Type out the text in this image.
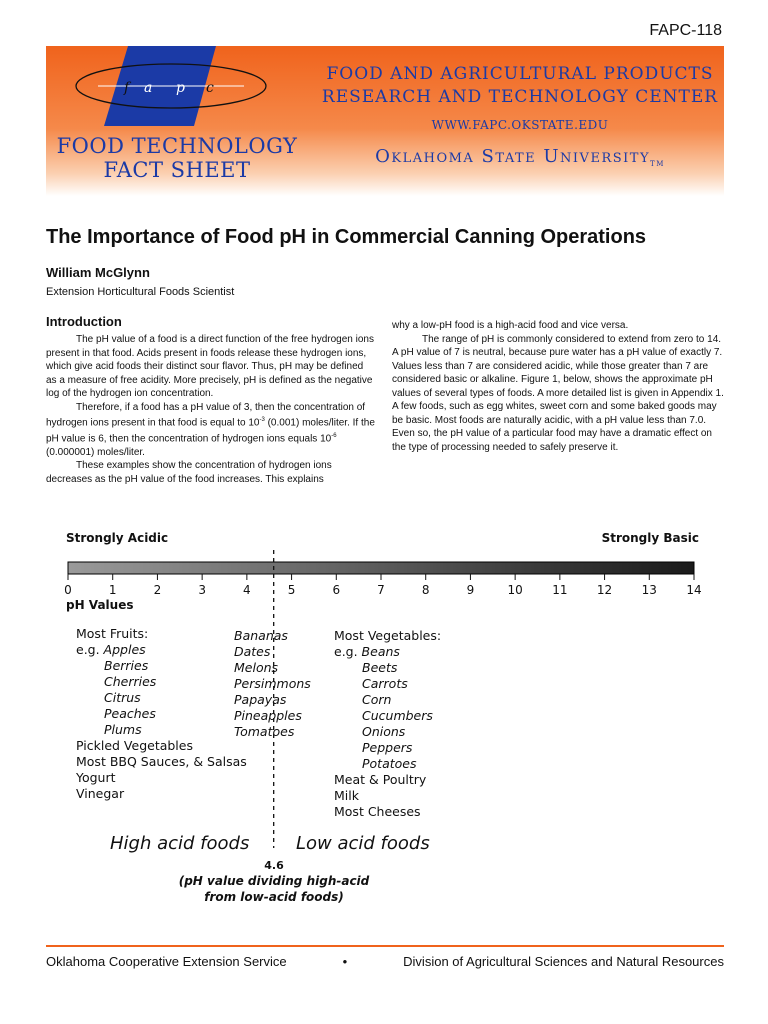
FAPC-118
f a p c
FOOD TECHNOLOGY
FACT SHEET
FOOD AND AGRICULTURAL PRODUCTS
RESEARCH AND TECHNOLOGY CENTER
WWW.FAPC.OKSTATE.EDU
Oklahoma State University$_{TM}$
The Importance of Food pH in Commercial Canning Operations
William McGlynn
Extension Horticultural Foods Scientist
Introduction

The pH value of a food is a direct function of the free hydrogen ions present in that food. Acids present in foods release these hydrogen ions, which give acid foods their distinct sour flavor. Thus, pH may be defined as a measure of free acidity. More precisely, pH is defined as the negative log of the hydrogen ion concentration.

Therefore, if a food has a pH value of 3, then the concentration of hydrogen ions present in that food is equal to $10^{-3}$ (0.001) moles/liter. If the pH value is 6, then the concentration of hydrogen ions equals $10^{-6}$ (0.000001) moles/liter.

These examples show the concentration of hydrogen ions decreases as the pH value of the food increases. This explains

why a low-pH food is a high-acid food and vice versa.

The range of pH is commonly considered to extend from zero to 14. A pH value of 7 is neutral, because pure water has a pH value of exactly 7. Values less than 7 are considered acidic, while those greater than 7 are considered basic or alkaline. Figure 1, below, shows the approximate pH values of several types of foods. A more detailed list is given in Appendix 1. A few foods, such as egg whites, sweet corn and some baked goods may be basic. Most foods are naturally acidic, with a pH value less than 7.0. Even so, the pH value of a particular food may have a dramatic effect on the type of processing needed to safely preserve it.

Strongly Acidic	Strongly Basic
0	1	2	3	4	5	6	7	8	9	10 11 12 13 14
pH Values
Most Fruits:
e.g. Apples
Berries
Cherries
Citrus
Peaches
Plums
Pickled Vegetables
Most BBQ Sauces, & Salsas
Yogurt
Vinegar
Bananas
Dates
Melons
Persimmons
Papayas
Pineapples
Tomatoes
Most Vegetables:
e.g. Beans
Beets
Carrots
Corn
Cucumbers
Onions
Peppers
Potatoes
Meat & Poultry
Milk
Most Cheeses
High acid foods	Low acid foods
4.6
(pH value dividing high-acid
from low-acid foods)
Oklahoma Cooperative Extension Service	•	Division of Agricultural Sciences and Natural Resources
